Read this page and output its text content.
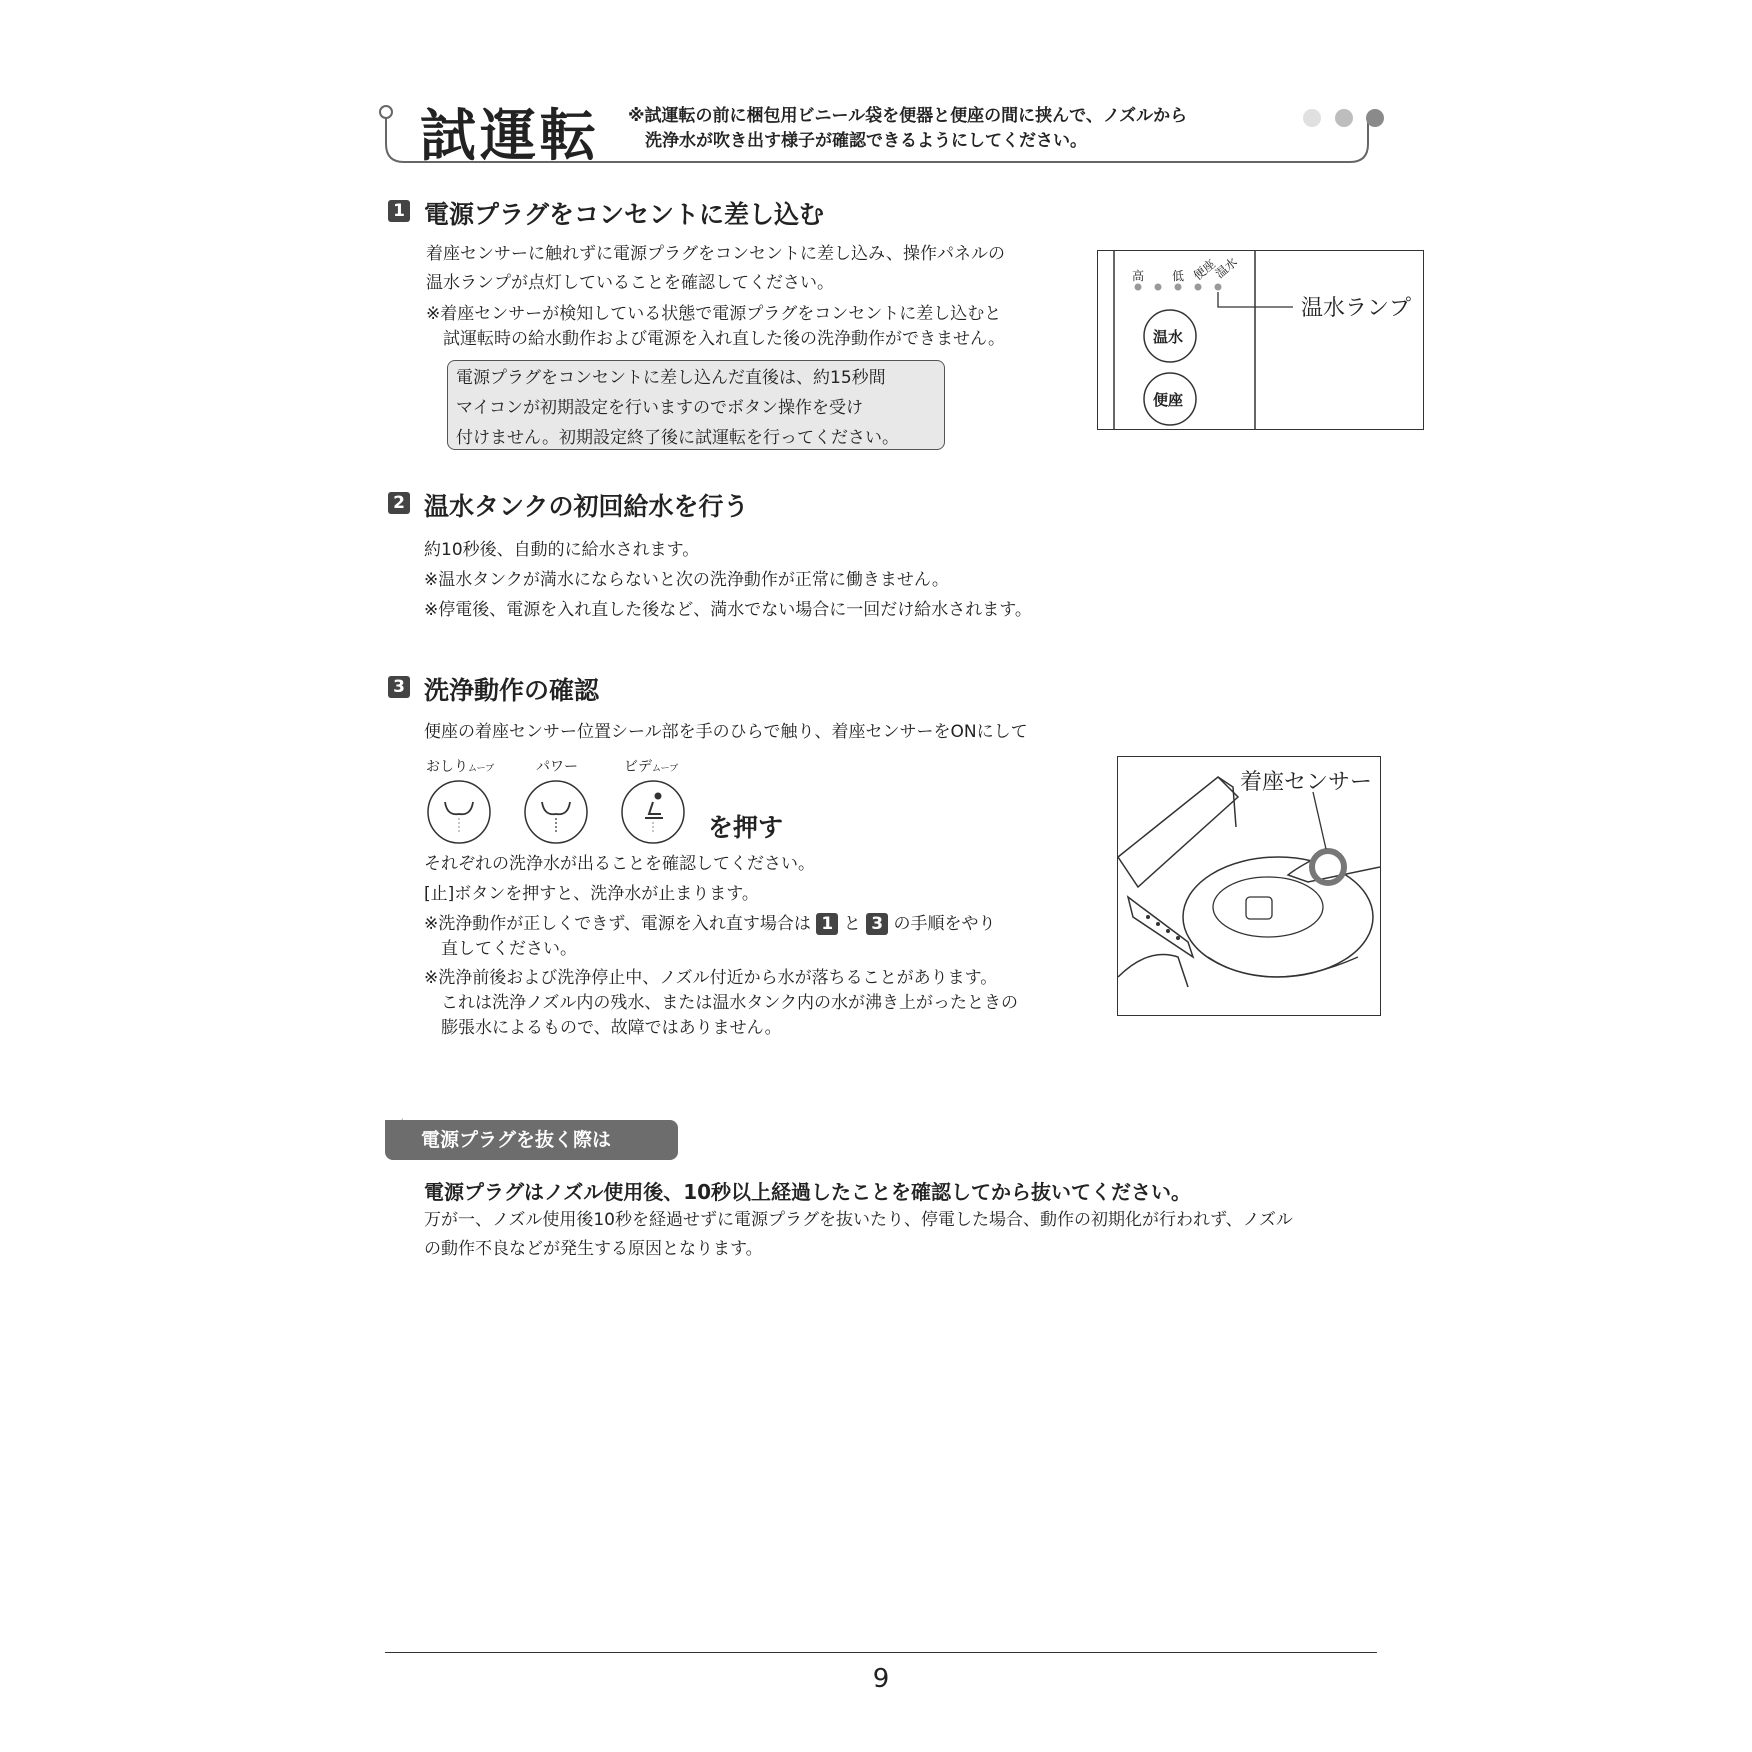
試運転 ※試運転の前に梱包用ビニール袋を便器と便座の間に挟んで、ノズルから
　洗浄水が吹き出す様子が確認できるようにしてください。
1 電源プラグをコンセントに差し込む
着座センサーに触れずに電源プラグをコンセントに差し込み、操作パネルの
温水ランプが点灯していることを確認してください。
※着座センサーが検知している状態で電源プラグをコンセントに差し込むと
　試運転時の給水動作および電源を入れ直した後の洗浄動作ができません。
電源プラグをコンセントに差し込んだ直後は、約15秒間
マイコンが初期設定を行いますのでボタン操作を受け
付けません。初期設定終了後に試運転を行ってください。
高 低 便座
温水
温水
便座
温水ランプ
2 温水タンクの初回給水を行う
約10秒後、自動的に給水されます。
※温水タンクが満水にならないと次の洗浄動作が正常に働きません。
※停電後、電源を入れ直した後など、満水でない場合に一回だけ給水されます。
3 洗浄動作の確認
便座の着座センサー位置シール部を手のひらで触り、着座センサーをONにして
おしりムーブ	パワー	ビデムーブ
を押す
それぞれの洗浄水が出ることを確認してください。
[止]ボタンを押すと、洗浄水が止まります。
※洗浄動作が正しくできず、電源を入れ直す場合は 1 と 3 の手順をやり
　直してください。
※洗浄前後および洗浄停止中、ノズル付近から水が落ちることがあります。
　これは洗浄ノズル内の残水、または温水タンク内の水が沸き上がったときの
　膨張水によるもので、故障ではありません。
着座センサー
電源プラグを抜く際は
電源プラグはノズル使用後、10秒以上経過したことを確認してから抜いてください。
万が一、ノズル使用後10秒を経過せずに電源プラグを抜いたり、停電した場合、動作の初期化が行われず、ノズル
の動作不良などが発生する原因となります。
9
